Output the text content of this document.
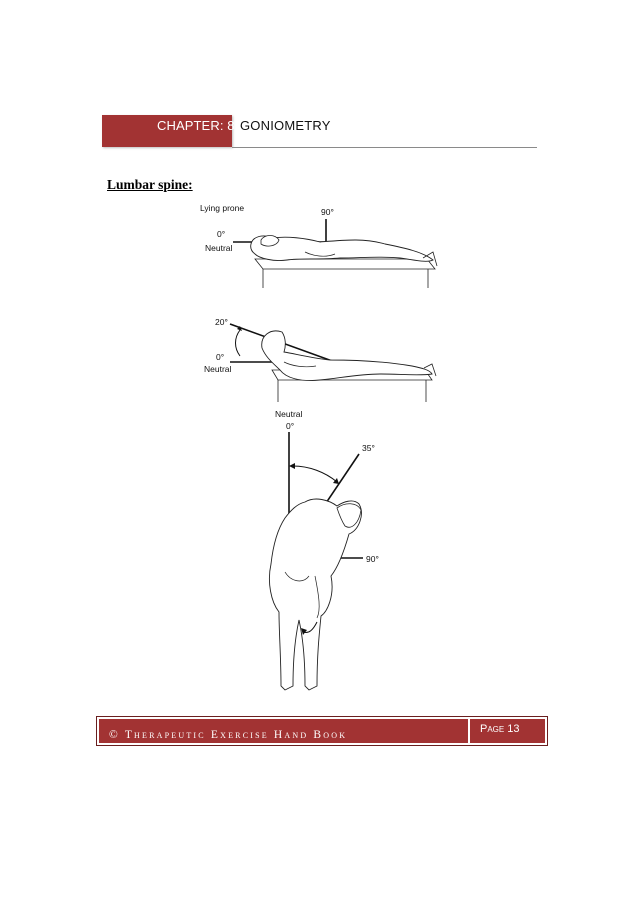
CHAPTER: 8 GONIOMETRY
Lumbar spine:
Lying prone	90°
0°
Neutral
20°
0°
Neutral
Neutral
0°
35°
90°
© Therapeutic Exercise Hand Book	Page 13
